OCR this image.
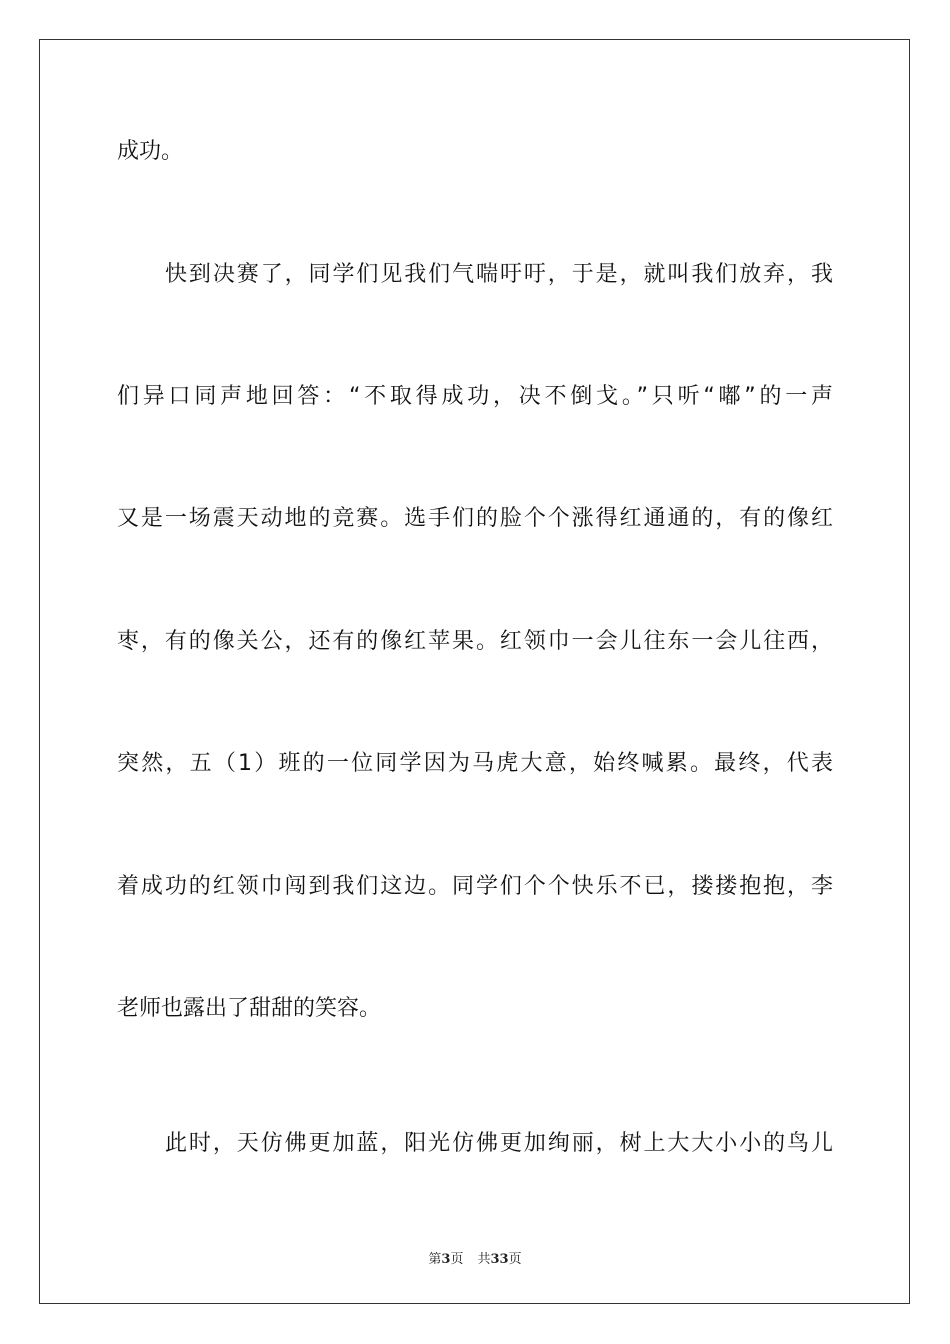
成功。
快到决赛了，同学们见我们气喘吁吁，于是，就叫我们放弃，我
们异口同声地回答：“不取得成功，决不倒戈。”只听“嘟”的一声
又是一场震天动地的竞赛。选手们的脸个个涨得红通通的，有的像红
枣，有的像关公，还有的像红苹果。红领巾一会儿往东一会儿往西，
突然，五（1）班的一位同学因为马虎大意，始终喊累。最终，代表
着成功的红领巾闯到我们这边。同学们个个快乐不已，搂搂抱抱，李
老师也露出了甜甜的笑容。
此时，天仿佛更加蓝，阳光仿佛更加绚丽，树上大大小小的鸟儿
第3页 共33页
